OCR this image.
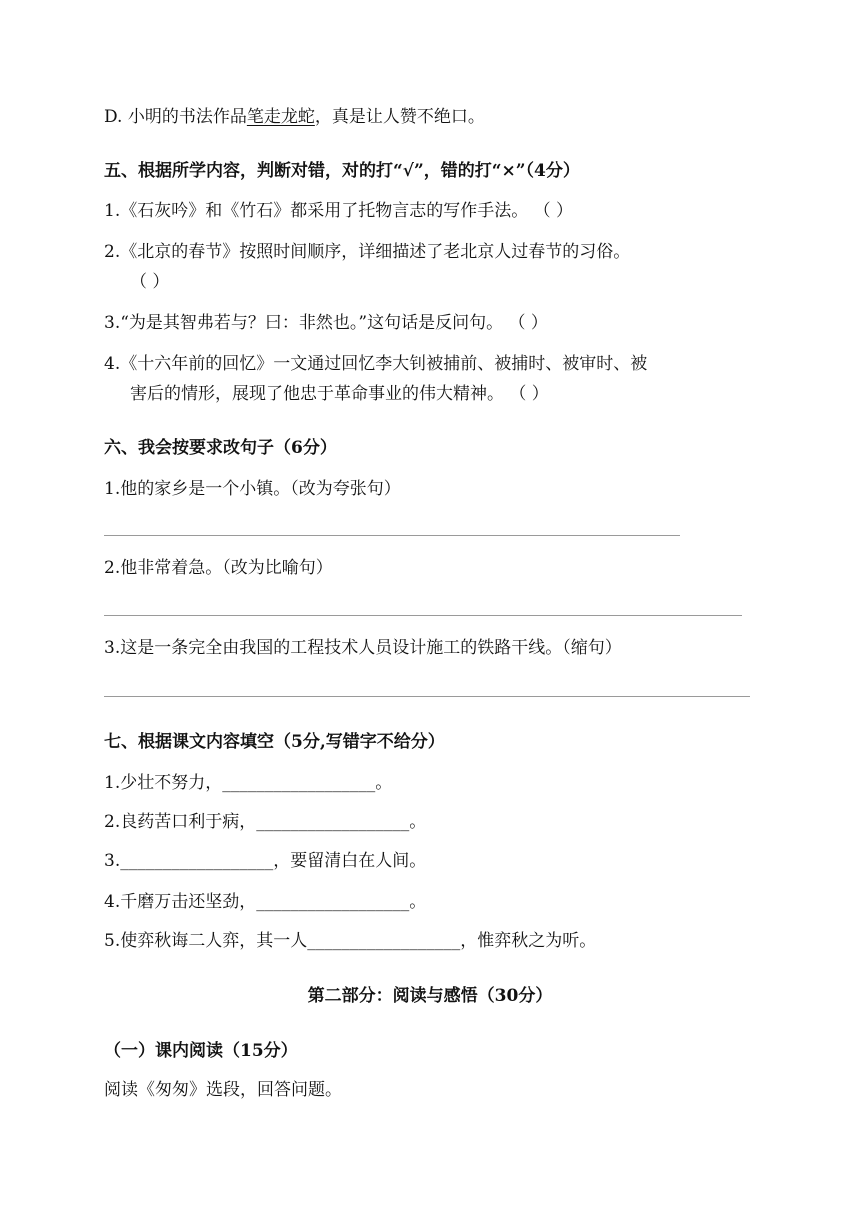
D. 小明的书法作品笔走龙蛇，真是让人赞不绝口。
五、根据所学内容，判断对错，对的打“√”，错的打“×”（4分）
1.《石灰吟》和《竹石》都采用了托物言志的写作手法。 （ ）
2.《北京的春节》按照时间顺序，详细描述了老北京人过春节的习俗。
（ ）
3.“为是其智弗若与？曰：非然也。”这句话是反问句。 （ ）
4.《十六年前的回忆》一文通过回忆李大钊被捕前、被捕时、被审时、被
害后的情形，展现了他忠于革命事业的伟大精神。 （ ）
六、我会按要求改句子（6分）
1.他的家乡是一个小镇。（改为夸张句）
2.他非常着急。（改为比喻句）
3.这是一条完全由我国的工程技术人员设计施工的铁路干线。（缩句）
七、根据课文内容填空（5分,写错字不给分）
1.少壮不努力，__________________。
2.良药苦口利于病，__________________。
3.__________________，要留清白在人间。
4.千磨万击还坚劲，__________________。
5.使弈秋诲二人弈，其一人__________________，惟弈秋之为听。
第二部分：阅读与感悟（30分）
（一）课内阅读（15分）
阅读《匆匆》选段，回答问题。
